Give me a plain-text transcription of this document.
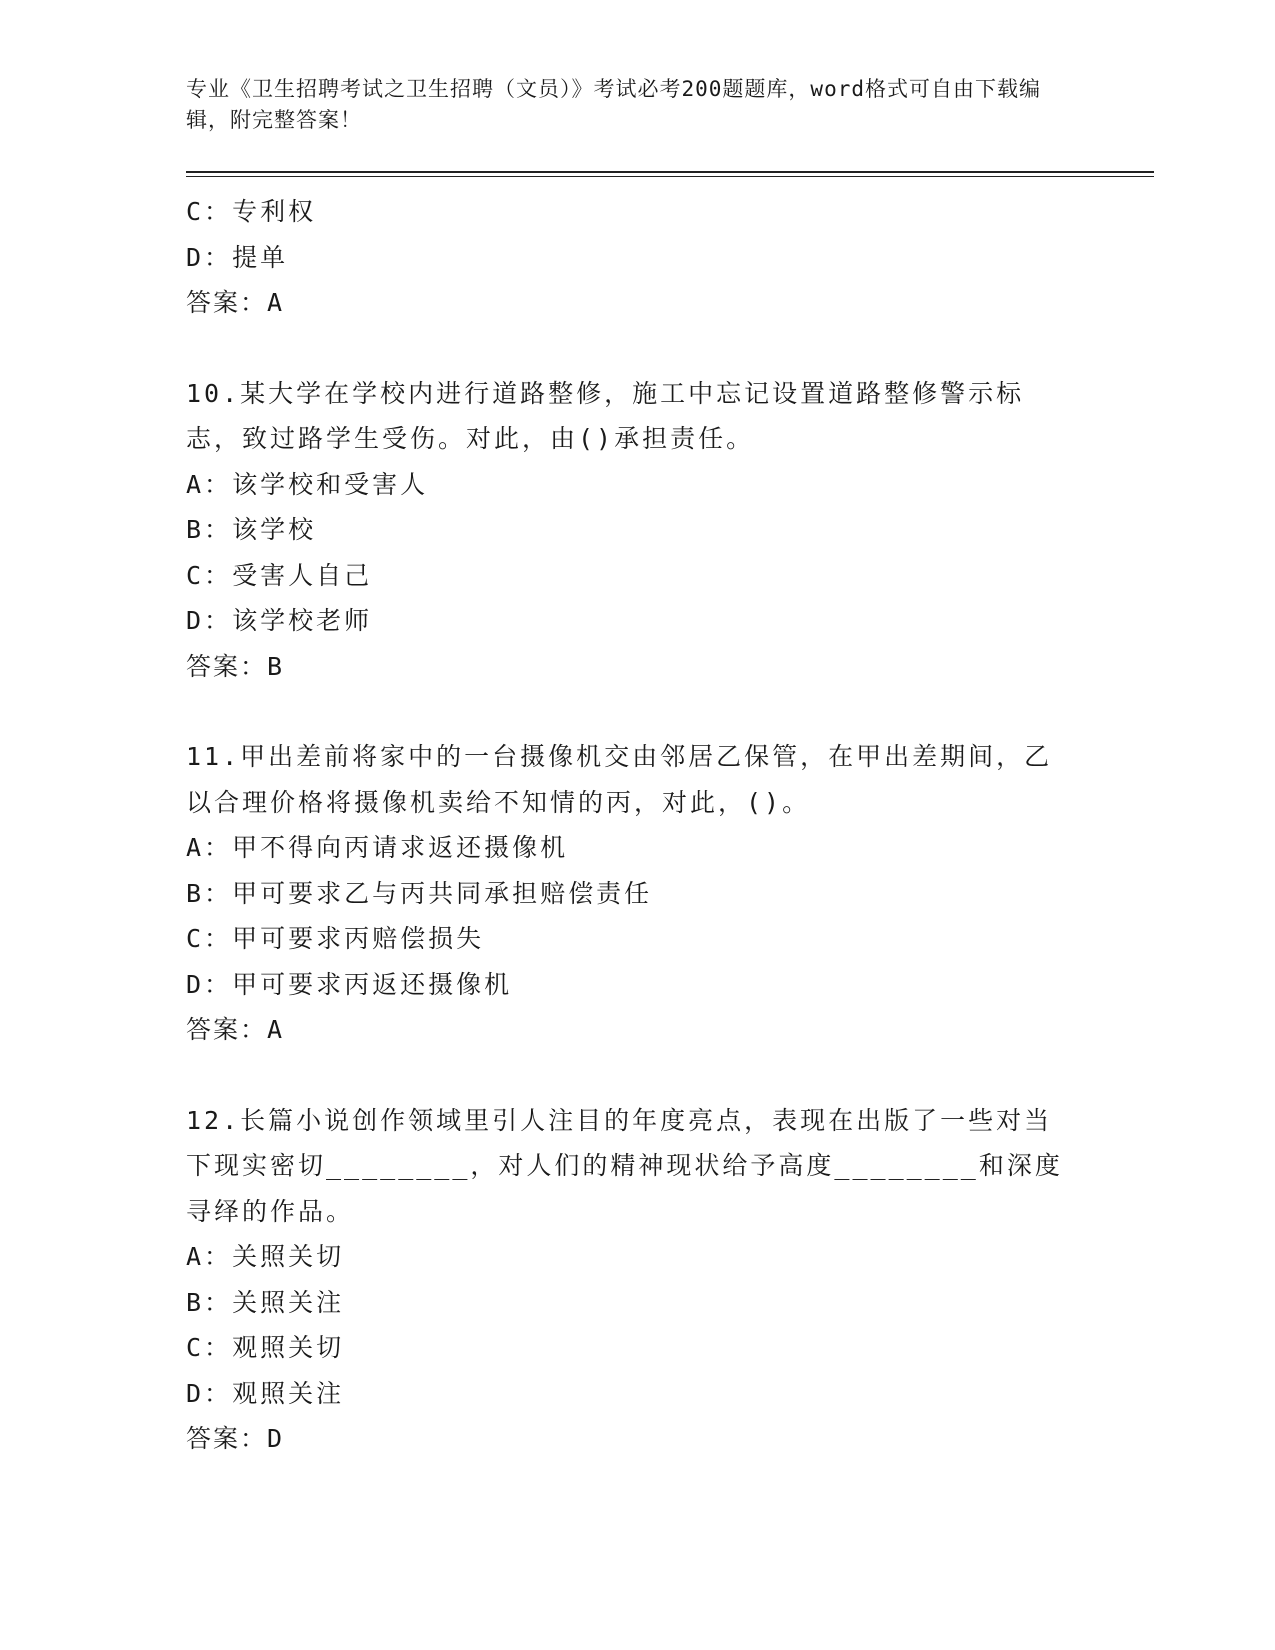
专业《卫生招聘考试之卫生招聘（文员）》考试必考200题题库，word格式可自由下载编辑，附完整答案！
C：专利权
D：提单
答案：A
10.某大学在学校内进行道路整修，施工中忘记设置道路整修警示标志，致过路学生受伤。对此，由()承担责任。
A：该学校和受害人
B：该学校
C：受害人自己
D：该学校老师
答案：B
11.甲出差前将家中的一台摄像机交由邻居乙保管，在甲出差期间，乙以合理价格将摄像机卖给不知情的丙，对此，()。
A：甲不得向丙请求返还摄像机
B：甲可要求乙与丙共同承担赔偿责任
C：甲可要求丙赔偿损失
D：甲可要求丙返还摄像机
答案：A
12.长篇小说创作领域里引人注目的年度亮点，表现在出版了一些对当下现实密切________，对人们的精神现状给予高度________和深度寻绎的作品。
A：关照关切
B：关照关注
C：观照关切
D：观照关注
答案：D
